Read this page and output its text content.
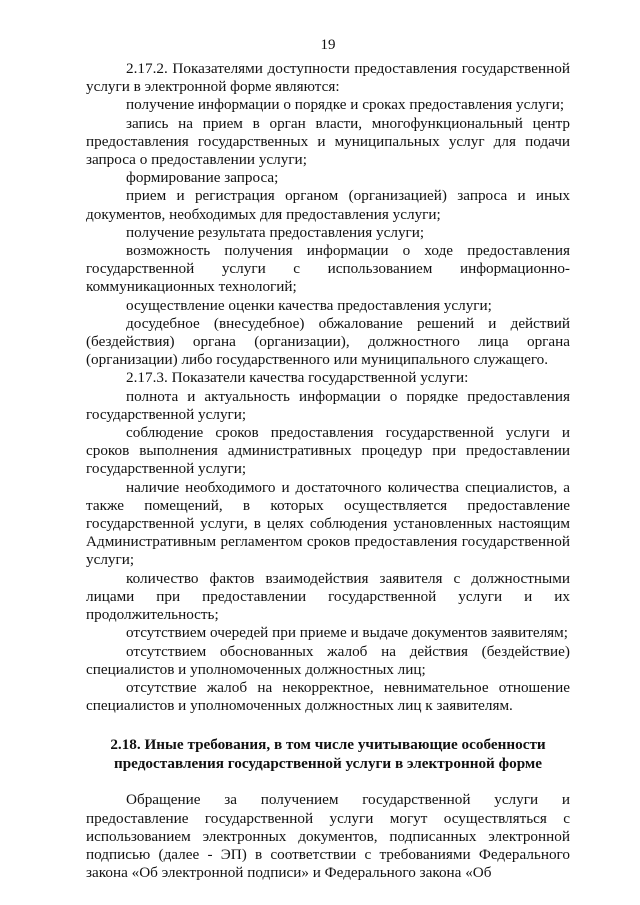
19

2.17.2. Показателями доступности предоставления государственной услуги в электронной форме являются:

получение информации о порядке и сроках предоставления услуги;

запись на прием в орган власти, многофункциональный центр предоставления государственных и муниципальных услуг для подачи запроса о предоставлении услуги;

формирование запроса;

прием и регистрация органом (организацией) запроса и иных документов, необходимых для предоставления услуги;

получение результата предоставления услуги;

возможность получения информации о ходе предоставления государственной услуги с использованием информационно-коммуникационных технологий;

осуществление оценки качества предоставления услуги;

досудебное (внесудебное) обжалование решений и действий (бездействия) органа (организации), должностного лица органа (организации) либо государственного или муниципального служащего.

2.17.3. Показатели качества государственной услуги:

полнота и актуальность информации о порядке предоставления государственной услуги;

соблюдение сроков предоставления государственной услуги и сроков выполнения административных процедур при предоставлении государственной услуги;

наличие необходимого и достаточного количества специалистов, а также помещений, в которых осуществляется предоставление государственной услуги, в целях соблюдения установленных настоящим Административным регламентом сроков предоставления государственной услуги;

количество фактов взаимодействия заявителя с должностными лицами при предоставлении государственной услуги и их продолжительность;

отсутствием очередей при приеме и выдаче документов заявителям;

отсутствием обоснованных жалоб на действия (бездействие) специалистов и уполномоченных должностных лиц;

отсутствие жалоб на некорректное, невнимательное отношение специалистов и уполномоченных должностных лиц к заявителям.

2.18. Иные требования, в том числе учитывающие особенности
предоставления государственной услуги в электронной форме

Обращение за получением государственной услуги и предоставление государственной услуги могут осуществляться с использованием электронных документов, подписанных электронной подписью (далее - ЭП) в соответствии с требованиями Федерального закона «Об электронной подписи» и Федерального закона «Об
